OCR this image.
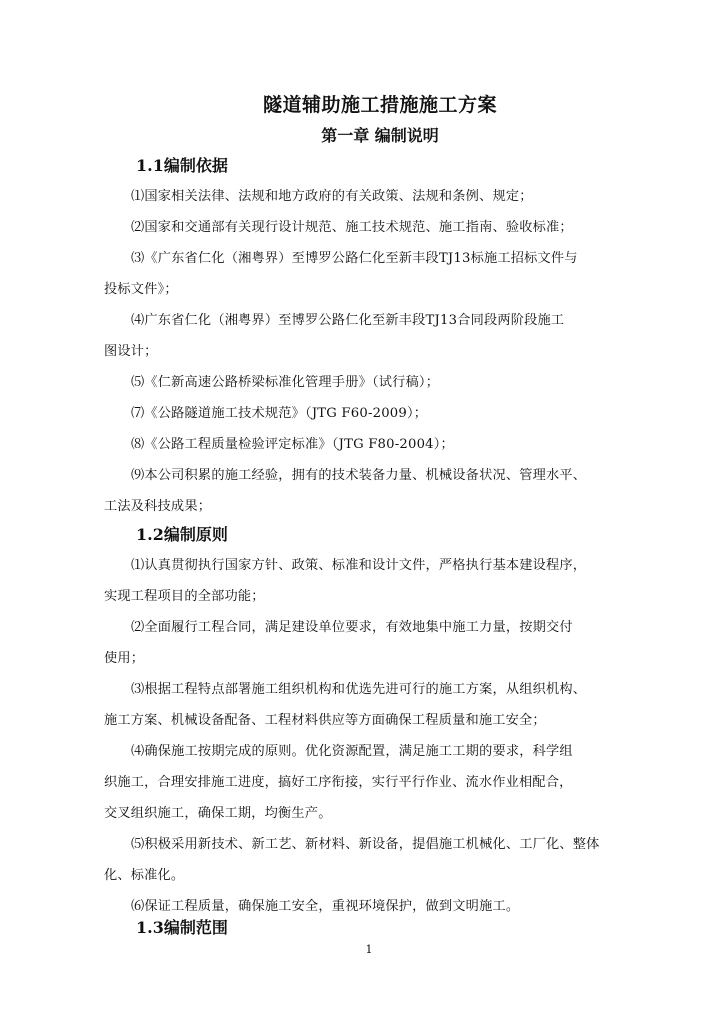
隧道辅助施工措施施工方案
第一章 编制说明
1.1编制依据
⑴国家相关法律、法规和地方政府的有关政策、法规和条例、规定；
⑵国家和交通部有关现行设计规范、施工技术规范、施工指南、验收标准；
⑶《广东省仁化（湘粤界）至博罗公路仁化至新丰段TJ13标施工招标文件与
投标文件》；
⑷广东省仁化（湘粤界）至博罗公路仁化至新丰段TJ13合同段两阶段施工
图设计；
⑸《仁新高速公路桥梁标准化管理手册》（试行稿）；
⑺《公路隧道施工技术规范》（JTG F60-2009）；
⑻《公路工程质量检验评定标准》（JTG F80-2004）；
⑼本公司积累的施工经验，拥有的技术装备力量、机械设备状况、管理水平、
工法及科技成果；
1.2编制原则
⑴认真贯彻执行国家方针、政策、标准和设计文件，严格执行基本建设程序，
实现工程项目的全部功能；
⑵全面履行工程合同，满足建设单位要求，有效地集中施工力量，按期交付
使用；
⑶根据工程特点部署施工组织机构和优选先进可行的施工方案，从组织机构、
施工方案、机械设备配备、工程材料供应等方面确保工程质量和施工安全；
⑷确保施工按期完成的原则。优化资源配置，满足施工工期的要求，科学组
织施工，合理安排施工进度，搞好工序衔接，实行平行作业、流水作业相配合，
交叉组织施工，确保工期，均衡生产。
⑸积极采用新技术、新工艺、新材料、新设备，提倡施工机械化、工厂化、整体
化、标准化。
⑹保证工程质量，确保施工安全，重视环境保护，做到文明施工。
1.3编制范围
1
